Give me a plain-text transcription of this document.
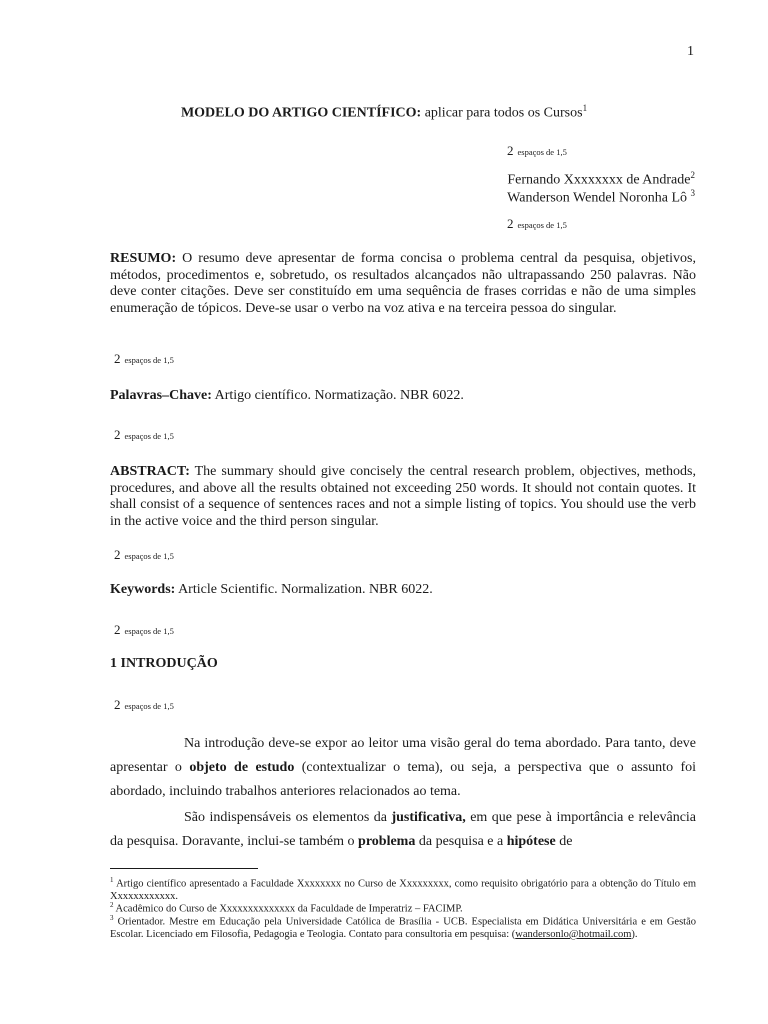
1
MODELO DO ARTIGO CIENTÍFICO: aplicar para todos os Cursos$^1$
2 espaços de 1,5
Fernando Xxxxxxxx de Andrade$^2$
Wanderson Wendel Noronha Lô $^3$
2 espaços de 1,5

RESUMO: O resumo deve apresentar de forma concisa o problema central da pesquisa, objetivos, métodos, procedimentos e, sobretudo, os resultados alcançados não ultrapassando 250 palavras. Não deve conter citações. Deve ser constituído em uma sequência de frases corridas e não de uma simples enumeração de tópicos. Deve-se usar o verbo na voz ativa e na terceira pessoa do singular.

2 espaços de 1,5

Palavras–Chave: Artigo científico. Normatização. NBR 6022.

2 espaços de 1,5

ABSTRACT: The summary should give concisely the central research problem, objectives, methods, procedures, and above all the results obtained not exceeding 250 words. It should not contain quotes. It shall consist of a sequence of sentences races and not a simple listing of topics. You should use the verb in the active voice and the third person singular.

2 espaços de 1,5

Keywords: Article Scientific. Normalization. NBR 6022.

2 espaços de 1,5
1 INTRODUÇÃO
2 espaços de 1,5
Na introdução deve-se expor ao leitor uma visão geral do tema abordado. Para tanto, deve apresentar o objeto de estudo (contextualizar o tema), ou seja, a perspectiva que o assunto foi abordado, incluindo trabalhos anteriores relacionados ao tema.
São indispensáveis os elementos da justificativa, em que pese à importância e relevância da pesquisa. Doravante, inclui-se também o problema da pesquisa e a hipótese de
$^1$ Artigo científico apresentado a Faculdade Xxxxxxxx no Curso de Xxxxxxxxx, como requisito obrigatório para a obtenção do Título em Xxxxxxxxxxxx.
$^2$ Acadêmico do Curso de Xxxxxxxxxxxxxx da Faculdade de Imperatriz – FACIMP.
$^3$ Orientador. Mestre em Educação pela Universidade Católica de Brasília - UCB. Especialista em Didática Universitária e em Gestão Escolar. Licenciado em Filosofia, Pedagogia e Teologia. Contato para consultoria em pesquisa: (wandersonlo@hotmail.com).
